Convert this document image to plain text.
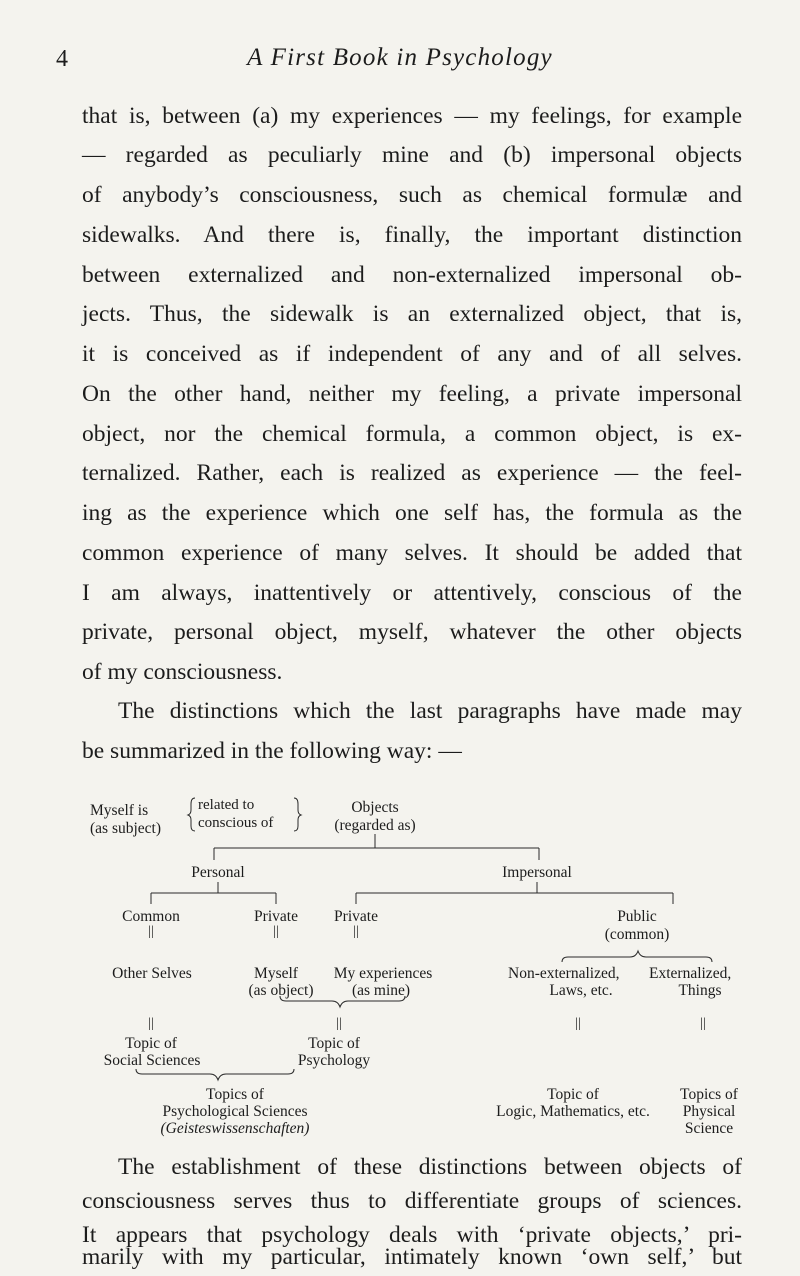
4	A First Book in Psychology
that is, between (a) my experiences — my feelings, for example
— regarded as peculiarly mine and (b) impersonal objects
of anybody’s consciousness, such as chemical formulæ and
sidewalks. And there is, finally, the important distinction
between externalized and non-externalized impersonal ob-
jects. Thus, the sidewalk is an externalized object, that is,
it is conceived as if independent of any and of all selves.
On the other hand, neither my feeling, a private impersonal
object, nor the chemical formula, a common object, is ex-
ternalized. Rather, each is realized as experience — the feel-
ing as the experience which one self has, the formula as the
common experience of many selves. It should be added that
I am always, inattentively or attentively, conscious of the
private, personal object, myself, whatever the other objects
of my consciousness.
The distinctions which the last paragraphs have made may
be summarized in the following way: —
Myself is
(as subject)
related to
conscious of
Objects
(regarded as)
Personal	Impersonal
Common	Private Private	Public
(common)
||	||	||
Other Selves	Myself
(as object)
My experiences
(as mine)
Non-externalized, Externalized,
Laws, etc.	Things
||	||	||	||
Topic of
Social Sciences
Topic of
Psychology
Topics of
Psychological Sciences
(Geisteswissenschaften)
Topic of
Logic, Mathematics, etc.
Topics of
Physical
Science
The establishment of these distinctions between objects of
consciousness serves thus to differentiate groups of sciences.
It appears that psychology deals with ‘private objects,’ pri-
marily with my particular, intimately known ‘own self,’ but
